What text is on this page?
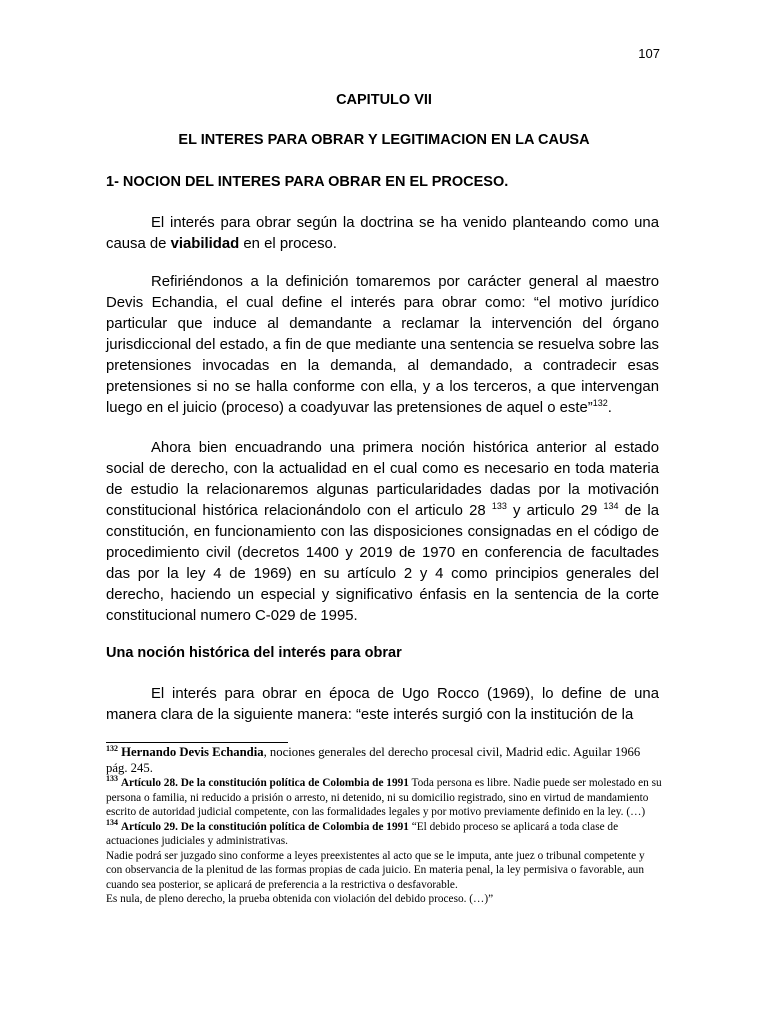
107

CAPITULO VII
EL INTERES PARA OBRAR Y LEGITIMACION EN LA CAUSA
1- NOCION DEL INTERES PARA OBRAR EN EL PROCESO.

El interés para obrar según la doctrina se ha venido planteando como una causa de viabilidad en el proceso.

Refiriéndonos a la definición tomaremos por carácter general al maestro Devis Echandia, el cual define el interés para obrar como: “el motivo jurídico particular que induce al demandante a reclamar la intervención del órgano jurisdiccional del estado, a fin de que mediante una sentencia se resuelva sobre las pretensiones invocadas en la demanda, al demandado, a contradecir esas pretensiones si no se halla conforme con ella, y a los terceros, a que intervengan luego en el juicio (proceso) a coadyuvar las pretensiones de aquel o este”$^{132}$.

Ahora bien encuadrando una primera noción histórica anterior al estado social de derecho, con la actualidad en el cual como es necesario en toda materia de estudio la relacionaremos algunas particularidades dadas por la motivación constitucional histórica relacionándolo con el articulo 28 $^{133}$ y articulo 29 $^{134}$ de la constitución, en funcionamiento con las disposiciones consignadas en el código de procedimiento civil (decretos 1400 y 2019 de 1970 en conferencia de facultades das por la ley 4 de 1969) en su artículo 2 y 4 como principios generales del derecho, haciendo un especial y significativo énfasis en la sentencia de la corte constitucional numero C-029 de 1995.

Una noción histórica del interés para obrar

El interés para obrar en época de Ugo Rocco (1969), lo define de una manera clara de la siguiente manera: “este interés surgió con la institución de la

$^{132}$ Hernando Devis Echandia, nociones generales del derecho procesal civil, Madrid edic. Aguilar 1966 pág. 245.

$^{133}$ Artículo 28. De la constitución política de Colombia de 1991 Toda persona es libre. Nadie puede ser molestado en su persona o familia, ni reducido a prisión o arresto, ni detenido, ni su domicilio registrado, sino en virtud de mandamiento escrito de autoridad judicial competente, con las formalidades legales y por motivo previamente definido en la ley. (…)

$^{134}$ Artículo 29. De la constitución política de Colombia de 1991 “El debido proceso se aplicará a toda clase de actuaciones judiciales y administrativas.
Nadie podrá ser juzgado sino conforme a leyes preexistentes al acto que se le imputa, ante juez o tribunal competente y con observancia de la plenitud de las formas propias de cada juicio. En materia penal, la ley permisiva o favorable, aun cuando sea posterior, se aplicará de preferencia a la restrictiva o desfavorable.
Es nula, de pleno derecho, la prueba obtenida con violación del debido proceso. (…)”
